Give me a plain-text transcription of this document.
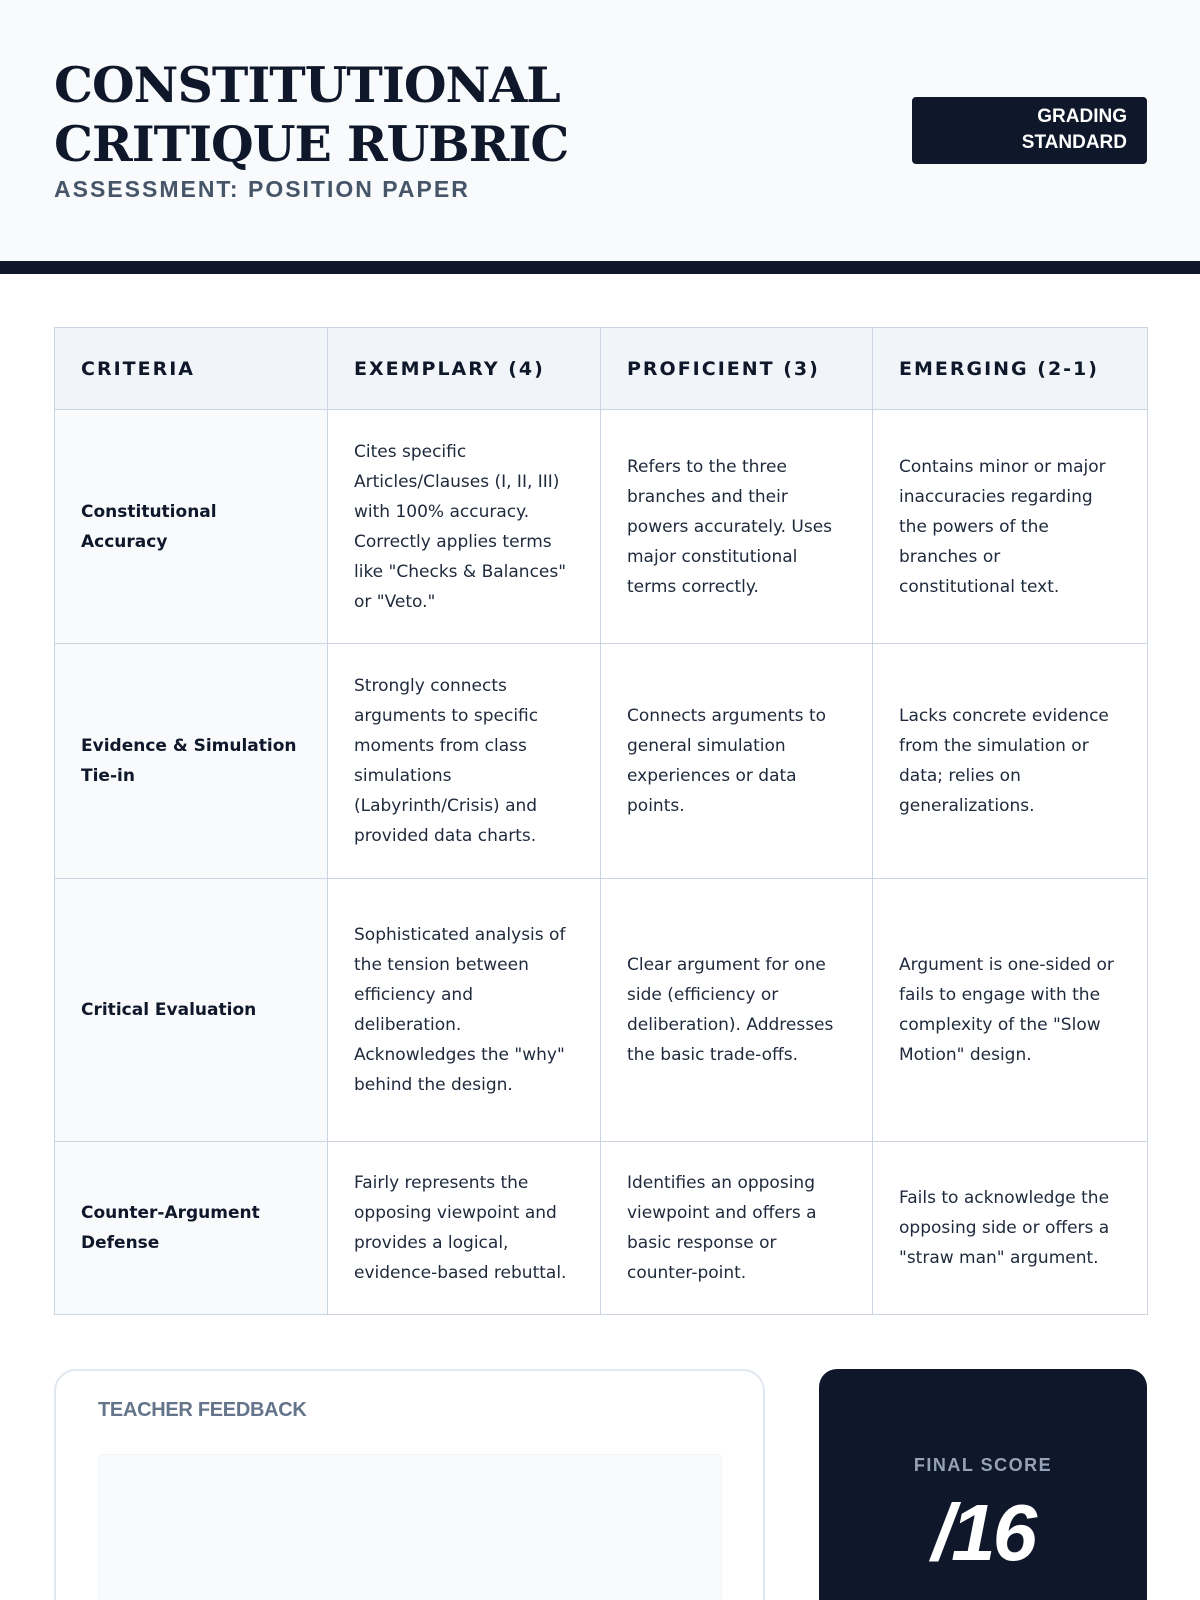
CONSTITUTIONAL CRITIQUE RUBRIC
ASSESSMENT: POSITION PAPER
GRADING STANDARD
CRITERIA	EXEMPLARY (4)	PROFICIENT (3)	EMERGING (2-1)
Constitutional Accuracy	Cites specific Articles/Clauses (I, II, III) with 100% accuracy. Correctly applies terms like "Checks & Balances" or "Veto."	Refers to the three branches and their powers accurately. Uses major constitutional terms correctly.	Contains minor or major inaccuracies regarding the powers of the branches or constitutional text.
Evidence & Simulation Tie-in	Strongly connects arguments to specific moments from class simulations (Labyrinth/Crisis) and provided data charts.	Connects arguments to general simulation experiences or data points.	Lacks concrete evidence from the simulation or data; relies on generalizations.
Critical Evaluation	Sophisticated analysis of the tension between efficiency and deliberation. Acknowledges the "why" behind the design.	Clear argument for one side (efficiency or deliberation). Addresses the basic trade-offs.	Argument is one-sided or fails to engage with the complexity of the "Slow Motion" design.
Counter-Argument Defense	Fairly represents the opposing viewpoint and provides a logical, evidence-based rebuttal.	Identifies an opposing viewpoint and offers a basic response or counter-point.	Fails to acknowledge the opposing side or offers a "straw man" argument.
TEACHER FEEDBACK
FINAL SCORE
/16
